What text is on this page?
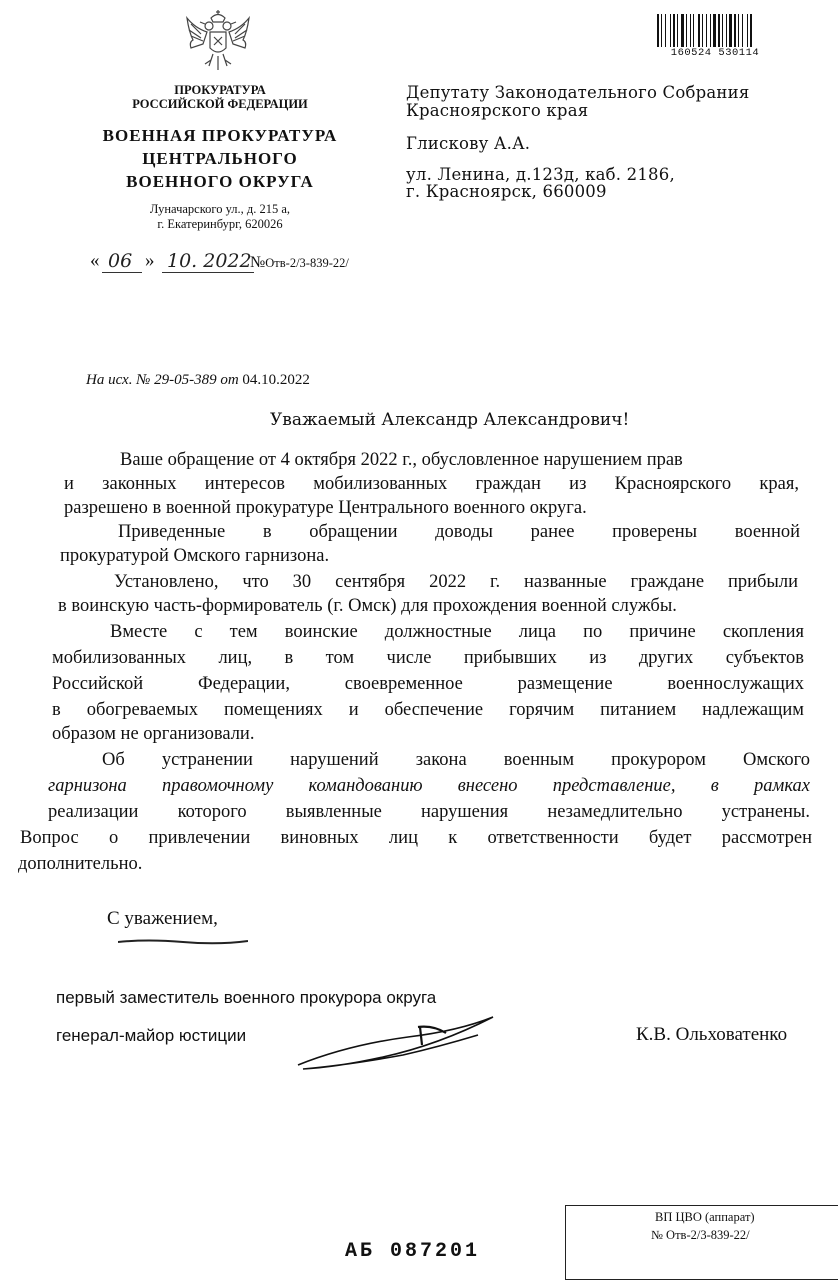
ПРОКУРАТУРА
РОССИЙСКОЙ ФЕДЕРАЦИИ
ВОЕННАЯ ПРОКУРАТУРА
ЦЕНТРАЛЬНОГО
ВОЕННОГО ОКРУГА
Луначарского ул., д. 215 а,
г. Екатеринбург, 620026
« 06 » 10. 2022
№Отв-2/3-839-22/
160524 530114
Депутату Законодательного Собрания
Красноярского края
Глискову А.А.
ул. Ленина, д.123д, каб. 2186,
г. Красноярск, 660009
На исх. № 29-05-389 от 04.10.2022
Уважаемый Александр Александрович!
Ваше обращение от 4 октября 2022 г., обусловленное нарушением прав
и законных интересов мобилизованных граждан из Красноярского края,
разрешено в военной прокуратуре Центрального военного округа.
Приведенные в обращении доводы ранее проверены военной
прокуратурой Омского гарнизона.
Установлено, что 30 сентября 2022 г. названные граждане прибыли
в воинскую часть-формирователь (г. Омск) для прохождения военной службы.
Вместе с тем воинские должностные лица по причине скопления
мобилизованных лиц, в том числе прибывших из других субъектов
Российской Федерации, своевременное размещение военнослужащих
в обогреваемых помещениях и обеспечение горячим питанием надлежащим
образом не организовали.
Об устранении нарушений закона военным прокурором Омского
гарнизона правомочному командованию внесено представление, в рамках
реализации которого выявленные нарушения незамедлительно устранены.
Вопрос о привлечении виновных лиц к ответственности будет рассмотрен
дополнительно.
С уважением,
первый заместитель военного прокурора округа
генерал-майор юстиции	К.В. Ольховатенко
ВП ЦВО (аппарат)
№ Отв-2/3-839-22/
АБ 087201
